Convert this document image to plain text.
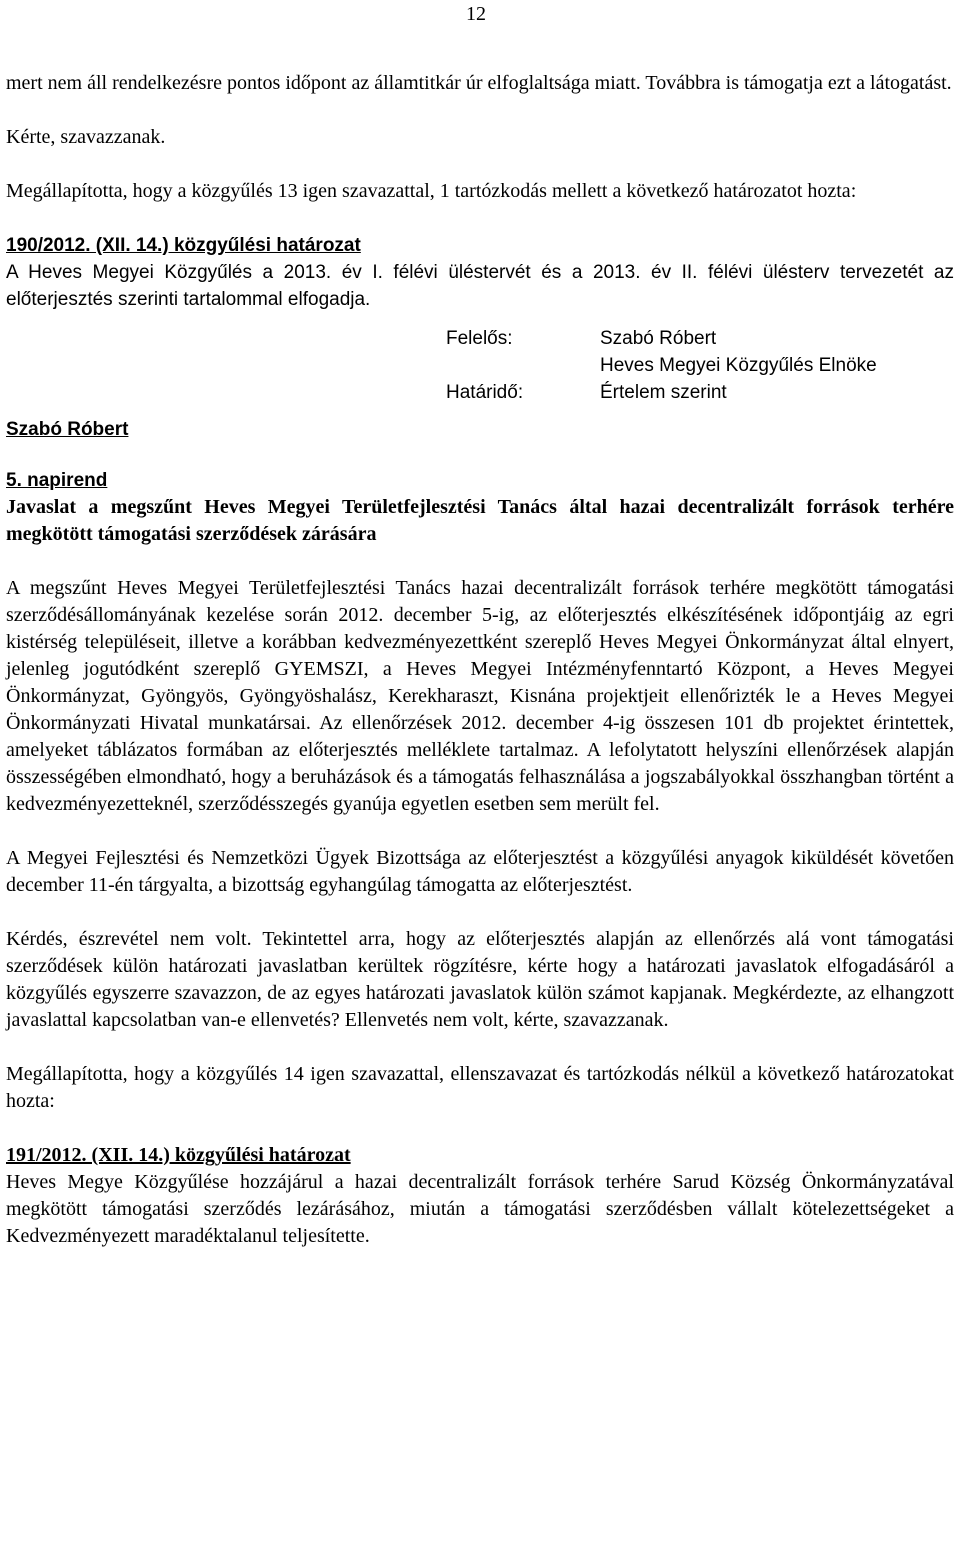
12

mert nem áll rendelkezésre pontos időpont az államtitkár úr elfoglaltsága miatt. Továbbra is támogatja ezt a látogatást.

Kérte, szavazzanak.

Megállapította, hogy a közgyűlés 13 igen szavazattal, 1 tartózkodás mellett a következő határozatot hozta:

190/2012. (XII. 14.) közgyűlési határozat

A Heves Megyei Közgyűlés a 2013. év I. félévi üléstervét és a 2013. év II. félévi ülésterv tervezetét az előterjesztés szerinti tartalommal elfogadja.

Felelős:	Szabó Róbert
Heves Megyei Közgyűlés Elnöke
Határidő:	Értelem szerint
Szabó Róbert

5. napirend

Javaslat a megszűnt Heves Megyei Területfejlesztési Tanács által hazai decentralizált források terhére megkötött támogatási szerződések zárására

A megszűnt Heves Megyei Területfejlesztési Tanács hazai decentralizált források terhére megkötött támogatási szerződésállományának kezelése során 2012. december 5-ig, az előterjesztés elkészítésének időpontjáig az egri kistérség településeit, illetve a korábban kedvezményezettként szereplő Heves Megyei Önkormányzat által elnyert, jelenleg jogutódként szereplő GYEMSZI, a Heves Megyei Intézményfenntartó Központ, a Heves Megyei Önkormányzat, Gyöngyös, Gyöngyöshalász, Kerekharaszt, Kisnána projektjeit ellenőrizték le a Heves Megyei Önkormányzati Hivatal munkatársai. Az ellenőrzések 2012. december 4-ig összesen 101 db projektet érintettek, amelyeket táblázatos formában az előterjesztés melléklete tartalmaz. A lefolytatott helyszíni ellenőrzések alapján összességében elmondható, hogy a beruházások és a támogatás felhasználása a jogszabályokkal összhangban történt a kedvezményezetteknél, szerződésszegés gyanúja egyetlen esetben sem merült fel.

A Megyei Fejlesztési és Nemzetközi Ügyek Bizottsága az előterjesztést a közgyűlési anyagok kiküldését követően december 11-én tárgyalta, a bizottság egyhangúlag támogatta az előterjesztést.

Kérdés, észrevétel nem volt. Tekintettel arra, hogy az előterjesztés alapján az ellenőrzés alá vont támogatási szerződések külön határozati javaslatban kerültek rögzítésre, kérte hogy a határozati javaslatok elfogadásáról a közgyűlés egyszerre szavazzon, de az egyes határozati javaslatok külön számot kapjanak. Megkérdezte, az elhangzott javaslattal kapcsolatban van-e ellenvetés? Ellenvetés nem volt, kérte, szavazzanak.

Megállapította, hogy a közgyűlés 14 igen szavazattal, ellenszavazat és tartózkodás nélkül a következő határozatokat hozta:

191/2012. (XII. 14.) közgyűlési határozat

Heves Megye Közgyűlése hozzájárul a hazai decentralizált források terhére Sarud Község Önkormányzatával megkötött támogatási szerződés lezárásához, miután a támogatási szerződésben vállalt kötelezettségeket a Kedvezményezett maradéktalanul teljesítette.
